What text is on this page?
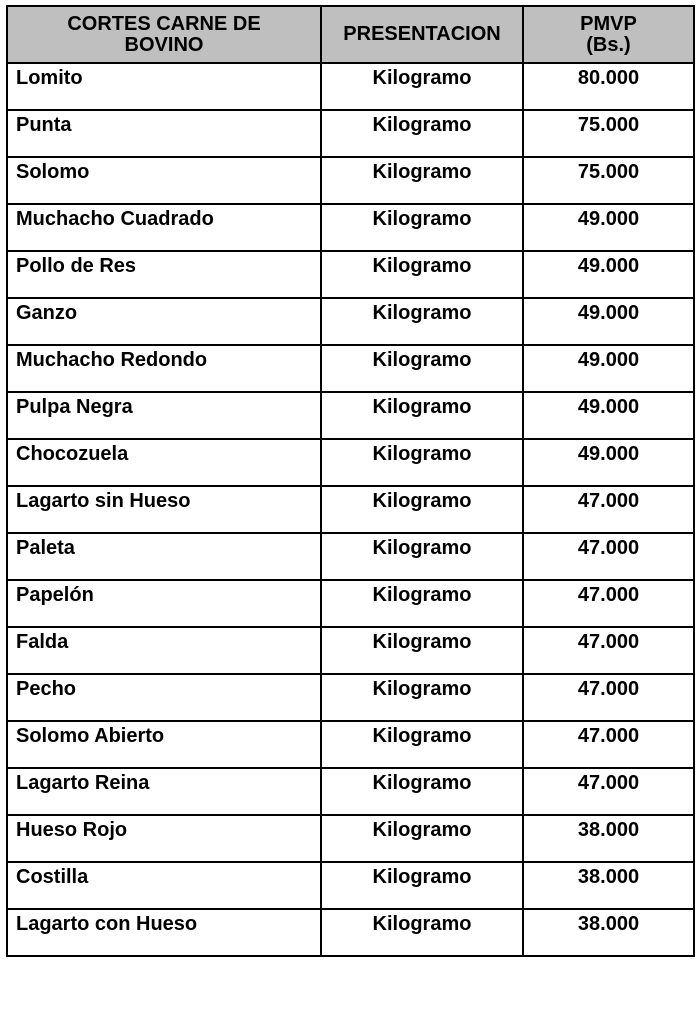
CORTES CARNE DE
BOVINO	PRESENTACION	PMVP
(Bs.)
Lomito	Kilogramo	80.000
Punta	Kilogramo	75.000
Solomo	Kilogramo	75.000
Muchacho Cuadrado	Kilogramo	49.000
Pollo de Res	Kilogramo	49.000
Ganzo	Kilogramo	49.000
Muchacho Redondo	Kilogramo	49.000
Pulpa Negra	Kilogramo	49.000
Chocozuela	Kilogramo	49.000
Lagarto sin Hueso	Kilogramo	47.000
Paleta	Kilogramo	47.000
Papelón	Kilogramo	47.000
Falda	Kilogramo	47.000
Pecho	Kilogramo	47.000
Solomo Abierto	Kilogramo	47.000
Lagarto Reina	Kilogramo	47.000
Hueso Rojo	Kilogramo	38.000
Costilla	Kilogramo	38.000
Lagarto con Hueso	Kilogramo	38.000
